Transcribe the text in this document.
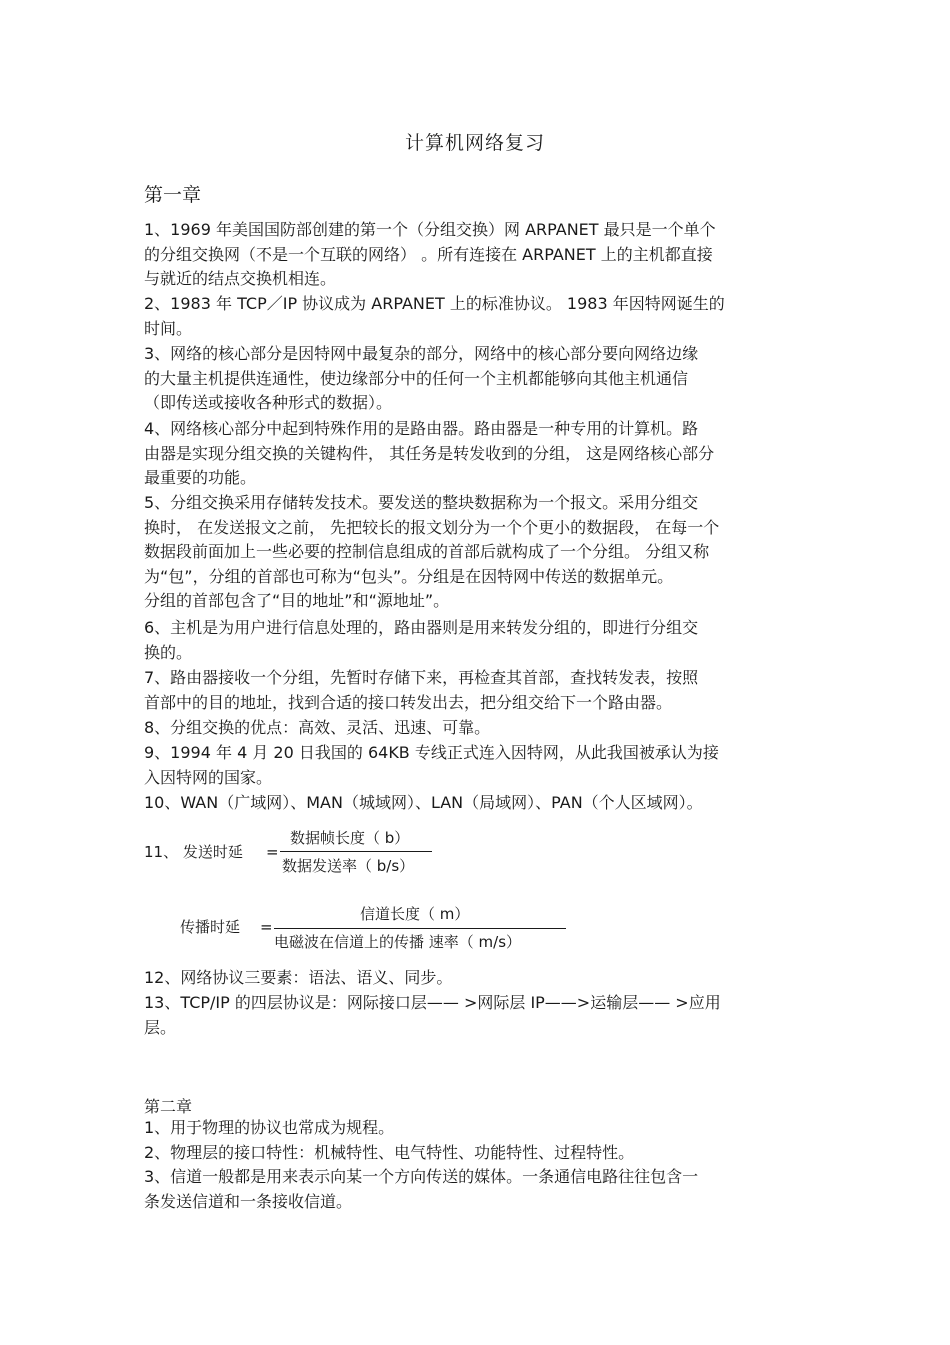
计算机网络复习
第一章
1、1969 年美国国防部创建的第一个（分组交换）网 ARPANET 最只是一个单个
的分组交换网（不是一个互联的网络） 。所有连接在 ARPANET 上的主机都直接
与就近的结点交换机相连。
2、1983 年 TCP／IP 协议成为 ARPANET 上的标准协议。 1983 年因特网诞生的
时间。
3、网络的核心部分是因特网中最复杂的部分，网络中的核心部分要向网络边缘
的大量主机提供连通性，使边缘部分中的任何一个主机都能够向其他主机通信
（即传送或接收各种形式的数据）。
4、网络核心部分中起到特殊作用的是路由器。路由器是一种专用的计算机。路
由器是实现分组交换的关键构件， 其任务是转发收到的分组， 这是网络核心部分
最重要的功能。
5、分组交换采用存储转发技术。要发送的整块数据称为一个报文。采用分组交
换时， 在发送报文之前， 先把较长的报文划分为一个个更小的数据段， 在每一个
数据段前面加上一些必要的控制信息组成的首部后就构成了一个分组。 分组又称
为“包”，分组的首部也可称为“包头”。分组是在因特网中传送的数据单元。
分组的首部包含了“目的地址”和“源地址”。
6、主机是为用户进行信息处理的，路由器则是用来转发分组的，即进行分组交
换的。
7、路由器接收一个分组，先暂时存储下来，再检查其首部，查找转发表，按照
首部中的目的地址，找到合适的接口转发出去，把分组交给下一个路由器。
8、分组交换的优点：高效、灵活、迅速、可靠。
9、1994 年 4 月 20 日我国的 64KB 专线正式连入因特网，从此我国被承认为接
入因特网的国家。
10、WAN（广域网）、MAN（城域网）、LAN（局域网）、PAN（个人区域网）。
11、 发送时延 =
数据帧长度（ b）
数据发送率（ b/s）
传播时延 =
信道长度（ m）
电磁波在信道上的传播 速率（ m/s）
12、网络协议三要素：语法、语义、同步。
13、TCP/IP 的四层协议是：网际接口层—— >网际层 IP——>运输层—— >应用
层。
第二章
1、用于物理的协议也常成为规程。
2、物理层的接口特性：机械特性、电气特性、功能特性、过程特性。
3、信道一般都是用来表示向某一个方向传送的媒体。一条通信电路往往包含一
条发送信道和一条接收信道。
